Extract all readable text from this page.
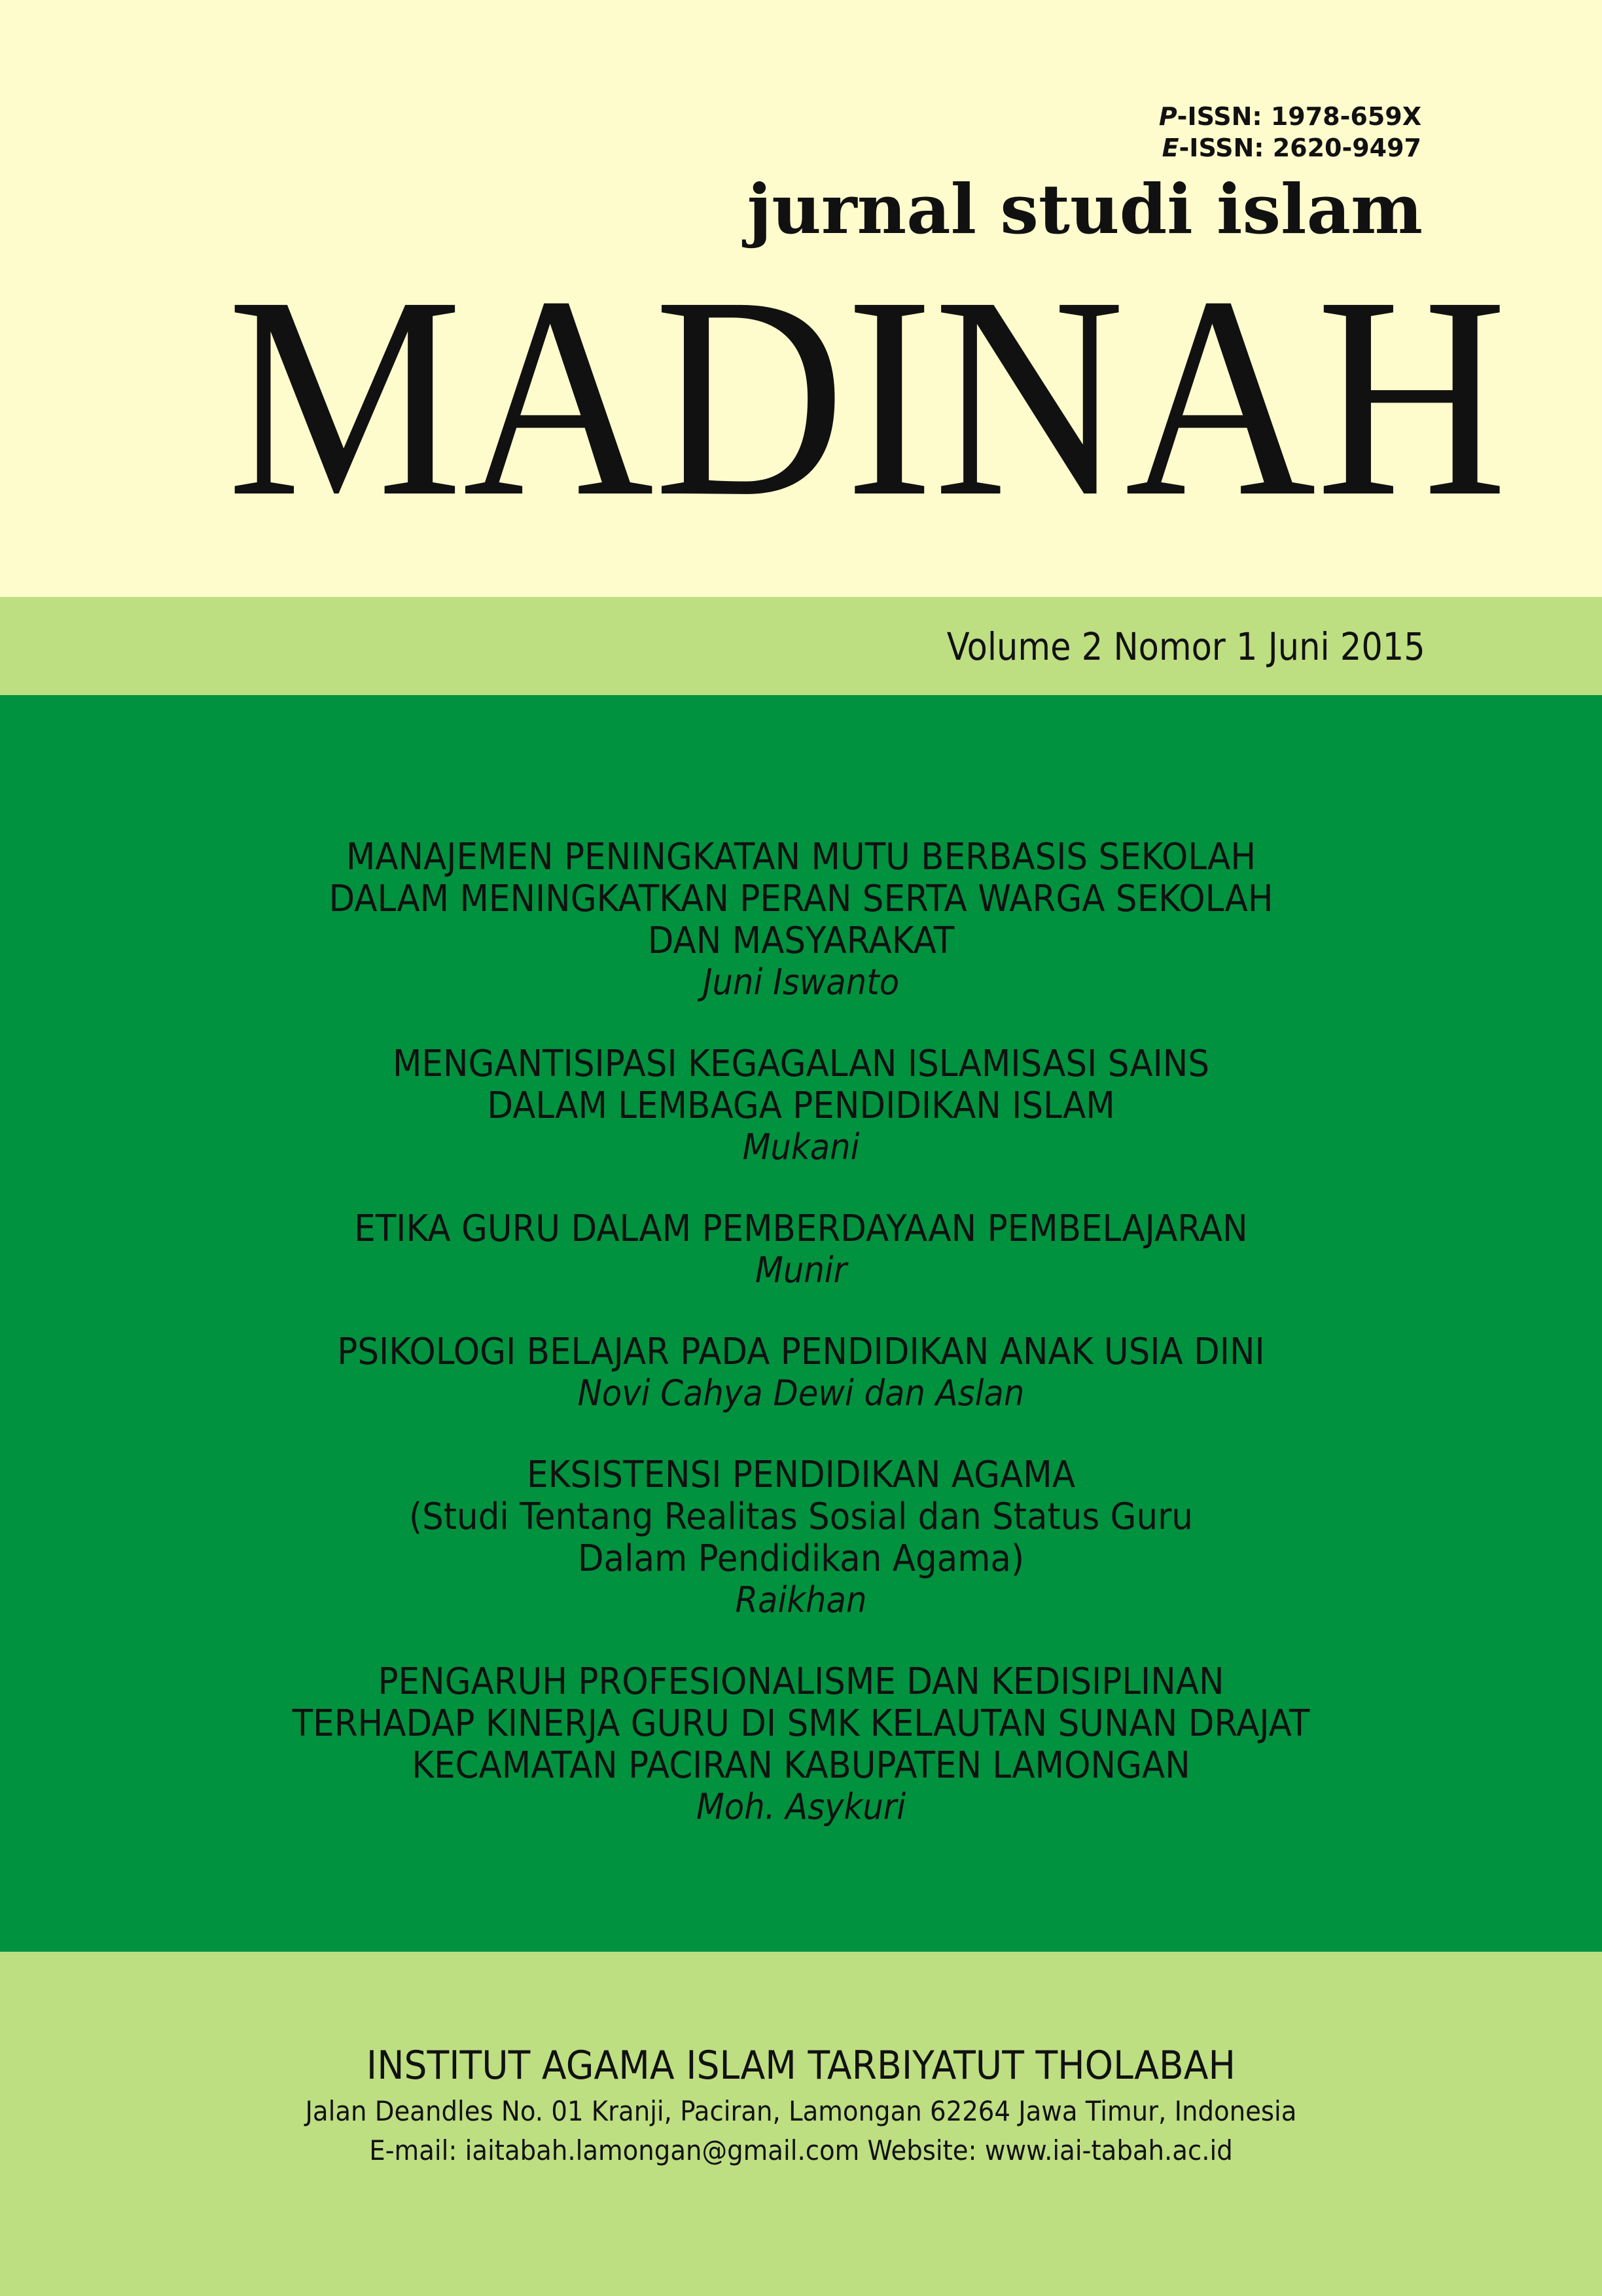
P-ISSN: 1978-659X
E-ISSN: 2620-9497
jurnal studi islam
MADINAH
Volume 2 Nomor 1 Juni 2015
MANAJEMEN PENINGKATAN MUTU BERBASIS SEKOLAH
DALAM MENINGKATKAN PERAN SERTA WARGA SEKOLAH
DAN MASYARAKAT
Juni Iswanto
MENGANTISIPASI KEGAGALAN ISLAMISASI SAINS
DALAM LEMBAGA PENDIDIKAN ISLAM
Mukani
ETIKA GURU DALAM PEMBERDAYAAN PEMBELAJARAN
Munir
PSIKOLOGI BELAJAR PADA PENDIDIKAN ANAK USIA DINI
Novi Cahya Dewi dan Aslan
EKSISTENSI PENDIDIKAN AGAMA
(Studi Tentang Realitas Sosial dan Status Guru
Dalam Pendidikan Agama)
Raikhan
PENGARUH PROFESIONALISME DAN KEDISIPLINAN
TERHADAP KINERJA GURU DI SMK KELAUTAN SUNAN DRAJAT
KECAMATAN PACIRAN KABUPATEN LAMONGAN
Moh. Asykuri
INSTITUT AGAMA ISLAM TARBIYATUT THOLABAH
Jalan Deandles No. 01 Kranji, Paciran, Lamongan 62264 Jawa Timur, Indonesia
E-mail: iaitabah.lamongan@gmail.com Website: www.iai-tabah.ac.id
